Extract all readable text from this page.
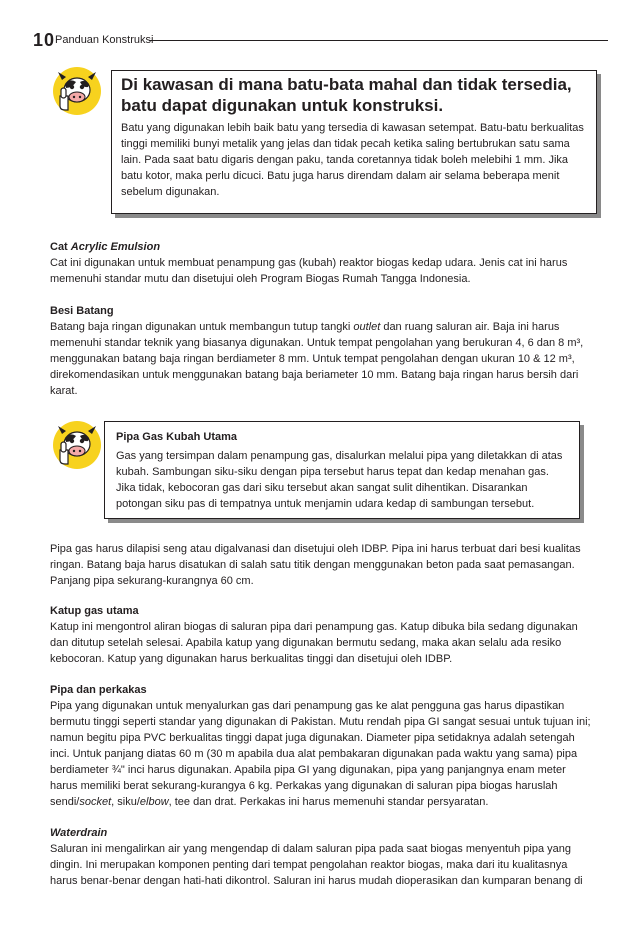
10 Panduan Konstruksi

Di kawasan di mana batu-bata mahal dan tidak tersedia, batu dapat digunakan untuk konstruksi.

Batu yang digunakan lebih baik batu yang tersedia di kawasan setempat. Batu-batu berkualitas tinggi memiliki bunyi metalik yang jelas dan tidak pecah ketika saling bertubrukan satu sama lain. Pada saat batu digaris dengan paku, tanda coretannya tidak boleh melebihi 1 mm. Jika batu kotor, maka perlu dicuci. Batu juga harus direndam dalam air selama beberapa menit sebelum digunakan.

Cat Acrylic Emulsion

Cat ini digunakan untuk membuat penampung gas (kubah) reaktor biogas kedap udara. Jenis cat ini harus memenuhi standar mutu dan disetujui oleh Program Biogas Rumah Tangga Indonesia.

Besi Batang

Batang baja ringan digunakan untuk membangun tutup tangki outlet dan ruang saluran air. Baja ini harus memenuhi standar teknik yang biasanya digunakan. Untuk tempat pengolahan yang berukuran 4, 6 dan 8 m³, menggunakan batang baja ringan berdiameter 8 mm. Untuk tempat pengolahan dengan ukuran 10 & 12 m³, direkomendasikan untuk menggunakan batang baja beriameter 10 mm. Batang baja ringan harus bersih dari karat.

Pipa Gas Kubah Utama

Gas yang tersimpan dalam penampung gas, disalurkan melalui pipa yang diletakkan di atas kubah. Sambungan siku-siku dengan pipa tersebut harus tepat dan kedap menahan gas. Jika tidak, kebocoran gas dari siku tersebut akan sangat sulit dihentikan. Disarankan potongan siku pas di tempatnya untuk menjamin udara kedap di sambungan tersebut.

Pipa gas harus dilapisi seng atau digalvanasi dan disetujui oleh IDBP. Pipa ini harus terbuat dari besi kualitas ringan. Batang baja harus disatukan di salah satu titik dengan menggunakan beton pada saat pemasangan. Panjang pipa sekurang-kurangnya 60 cm.

Katup gas utama

Katup ini mengontrol aliran biogas di saluran pipa dari penampung gas. Katup dibuka bila sedang digunakan dan ditutup setelah selesai. Apabila katup yang digunakan bermutu sedang, maka akan selalu ada resiko kebocoran. Katup yang digunakan harus berkualitas tinggi dan disetujui oleh IDBP.

Pipa dan perkakas

Pipa yang digunakan untuk menyalurkan gas dari penampung gas ke alat pengguna gas harus dipastikan bermutu tinggi seperti standar yang digunakan di Pakistan. Mutu rendah pipa GI sangat sesuai untuk tujuan ini; namun begitu pipa PVC berkualitas tinggi dapat juga digunakan. Diameter pipa setidaknya adalah setengah inci. Untuk panjang diatas 60 m (30 m apabila dua alat pembakaran digunakan pada waktu yang sama) pipa berdiameter ¾" inci harus digunakan. Apabila pipa GI yang digunakan, pipa yang panjangnya enam meter harus memiliki berat sekurang-kurangya 6 kg. Perkakas yang digunakan di saluran pipa biogas haruslah sendi/socket, siku/elbow, tee dan drat. Perkakas ini harus memenuhi standar persyaratan.

Waterdrain

Saluran ini mengalirkan air yang mengendap di dalam saluran pipa pada saat biogas menyentuh pipa yang dingin. Ini merupakan komponen penting dari tempat pengolahan reaktor biogas, maka dari itu kualitasnya harus benar-benar dengan hati-hati dikontrol. Saluran ini harus mudah dioperasikan dan kumparan benang di
